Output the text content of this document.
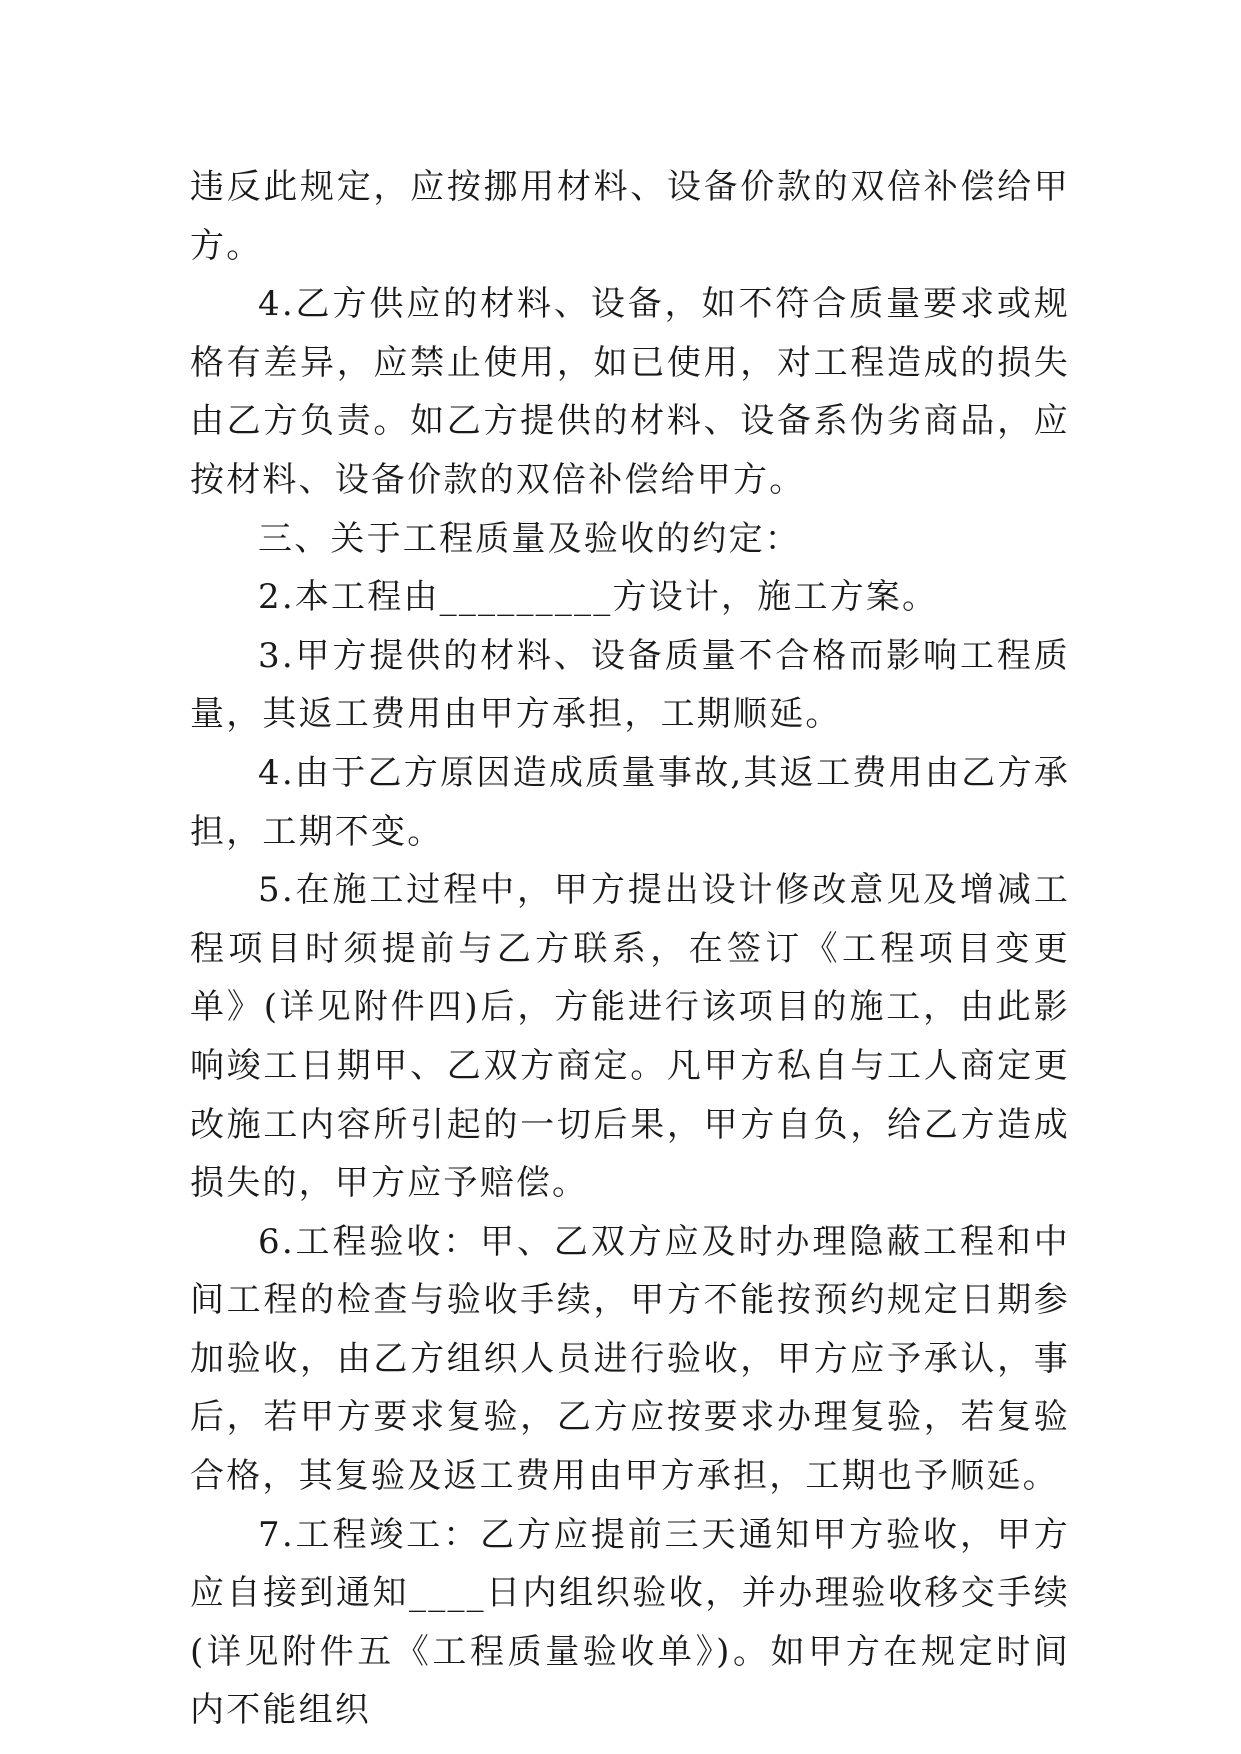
违反此规定，应按挪用材料、设备价款的双倍补偿给甲方。

4.乙方供应的材料、设备，如不符合质量要求或规格有差异，应禁止使用，如已使用，对工程造成的损失由乙方负责。如乙方提供的材料、设备系伪劣商品，应按材料、设备价款的双倍补偿给甲方。

三、关于工程质量及验收的约定：

2.本工程由_________方设计，施工方案。

3.甲方提供的材料、设备质量不合格而影响工程质量，其返工费用由甲方承担，工期顺延。

4.由于乙方原因造成质量事故,其返工费用由乙方承担，工期不变。

5.在施工过程中，甲方提出设计修改意见及增减工程项目时须提前与乙方联系，在签订《工程项目变更单》(详见附件四)后，方能进行该项目的施工，由此影响竣工日期甲、乙双方商定。凡甲方私自与工人商定更改施工内容所引起的一切后果，甲方自负，给乙方造成损失的，甲方应予赔偿。

6.工程验收：甲、乙双方应及时办理隐蔽工程和中间工程的检查与验收手续，甲方不能按预约规定日期参加验收，由乙方组织人员进行验收，甲方应予承认，事后，若甲方要求复验，乙方应按要求办理复验，若复验合格，其复验及返工费用由甲方承担，工期也予顺延。

7.工程竣工：乙方应提前三天通知甲方验收，甲方应自接到通知____日内组织验收，并办理验收移交手续(详见附件五《工程质量验收单》)。如甲方在规定时间内不能组织
